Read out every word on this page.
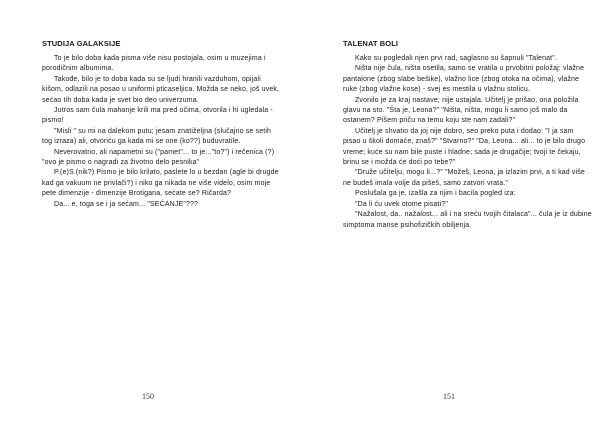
STUDIJA GALAKSIJE

To je bilo doba kada pisma više nisu postojala, osim u muzejima i porodičnim albumima.

Takođe, bilo je to doba kada su se ljudi hranili vazduhom, opijali kišom, odlazili na posao u uniformi pticaseljica. Možda se neko, još uvek, sećao tih doba kada je svet bio deo univerzuma.

Jutros sam čula mahanje krili ma pred očima, otvorila i hi ugledala - pismo!

"Misli " su mi na dalekom putu; jesam znatiželjna (slučajno se setih tog izraza) ali, otvoriću ga kada mi se one (ko??) buduvratile.

Neverovatno, ali napametni su ("pamet"... to je..."to?") i rečenica (?) "ovo je pismo o nagradi za životno delo pesnika"

P.(e)S.(nik?) Pismo je bilo krilato, paslete lo u bezdan (agle bi drugde kad ga vakuum ne privlači?) i niko ga nikada ne više videlo, osim moje pete dimenzije - dimenzije Brotigana, sećate se? Ričarda?

Da... e, toga se i ja sećam... "SEĆANJE"???

150
TALENAT BOLI

Kako su pogledali njen prvi rad, saglasno su šapnuli "Talenat".

Ništa nije čula, ništa osetila, samo se vratila u prvobitni položaj: vlažne pantalone (zbog slabe bešike), vlažno lice (zbog otoka na očima), vlažne ruke (zbog vlažne kose) - svej es mestila u vlažnu stolicu.

Zvonilo je za kraj nastave; nije ustajala. Učitelj je prišao, ona položila glavu na sto. "Šta je, Leona?" "Ništa, ništa, mogu li samo još malo da ostanem? Pišem priču na temu koju ste nam zadali?"

Učitelj je shvatio da joj nije dobro, seo preko puta i dodao: "I ja sam pisao u školi domaće, znaš?" "Stvarno?" "Da, Leona... ali... to je bilo drugo vreme; kuće su nam bile puste i hladne; sada je drugačije; tvoji te čekaju, brinu se i možda će doći po tebe?"

"Druže učitelju, mogu li...?" "Možeš, Leona, ja izlazim prvi, a ti kad više ne budeš imala volje da pišeš, samo zatvori vrata."

Poslušala ga je, izašla za njim i bacila pogled iza:

"Da li ću uvek otome pisati?"

"Nažalost, da.. nažalost... ali i na sreću tvojih čitalaca"... čula je iz dubine simptoma manse psihofizičkih obiljenja.

151
